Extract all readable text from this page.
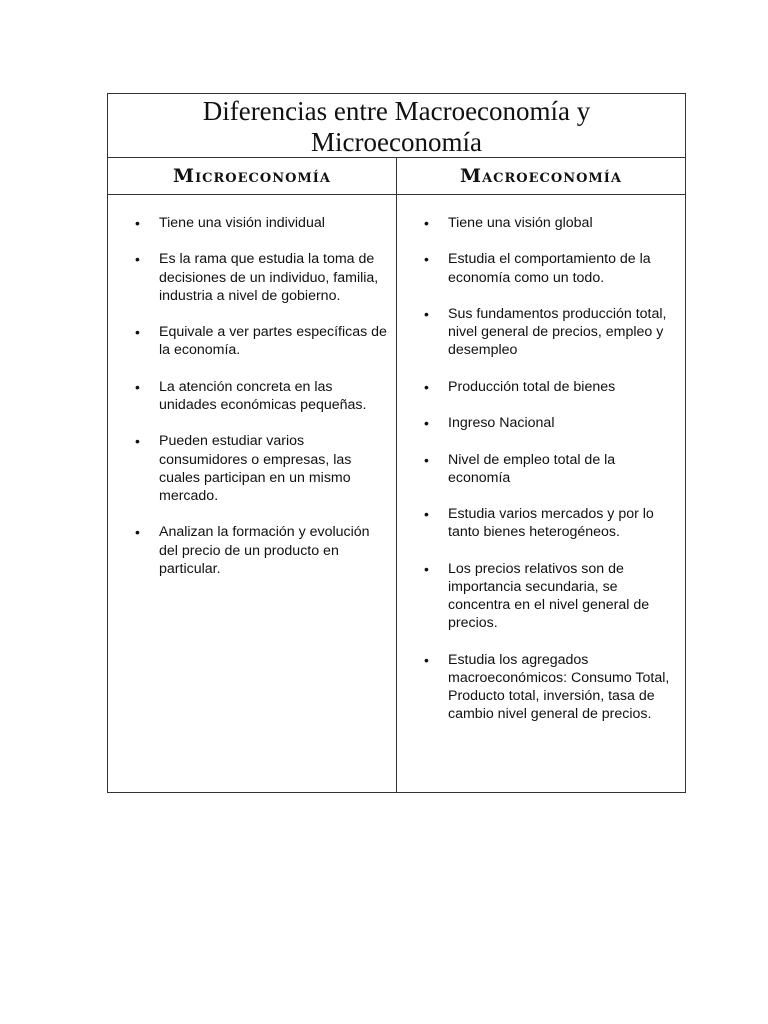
Diferencias entre Macroeconomía y
Microeconomía
Microeconomía	Macroeconomía
• Tiene una visión individual
• Es la rama que estudia la toma de decisiones de un individuo, familia, industria a nivel de gobierno.
• Equivale a ver partes específicas de la economía.
• La atención concreta en las unidades económicas pequeñas.
• Pueden estudiar varios consumidores o empresas, las cuales participan en un mismo mercado.
• Analizan la formación y evolución del precio de un producto en particular.
• Tiene una visión global
• Estudia el comportamiento de la economía como un todo.
• Sus fundamentos producción total, nivel general de precios, empleo y desempleo
• Producción total de bienes
• Ingreso Nacional
• Nivel de empleo total de la economía
• Estudia varios mercados y por lo tanto bienes heterogéneos.
• Los precios relativos son de importancia secundaria, se concentra en el nivel general de precios.
• Estudia los agregados macroeconómicos: Consumo Total, Producto total, inversión, tasa de cambio nivel general de precios.
